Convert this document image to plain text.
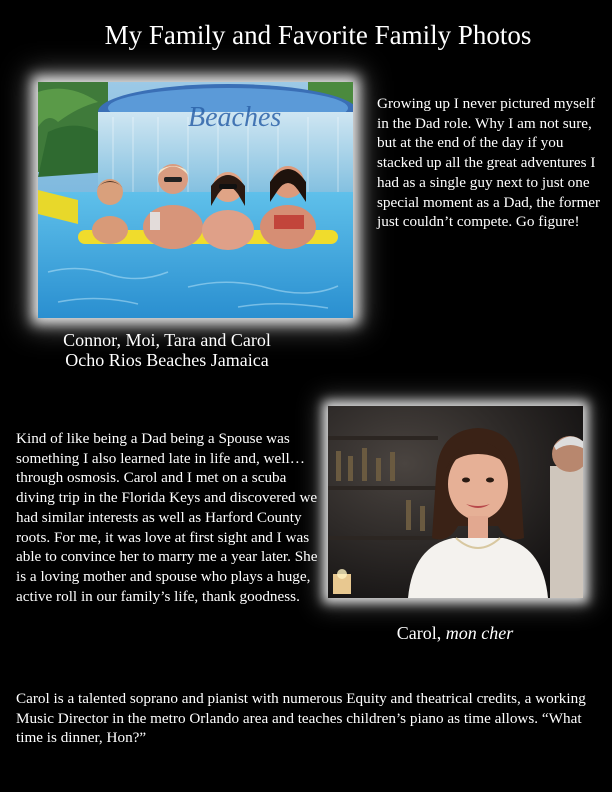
My Family and Favorite Family Photos
Beaches
Connor, Moi, Tara and Carol
Ocho Rios Beaches Jamaica

Growing up I never pictured myself in the Dad role. Why I am not sure, but at the end of the day if you stacked up all the great adventures I had as a single guy next to just one special moment as a Dad, the former just couldn’t compete. Go figure!

Kind of like being a Dad being a Spouse was something I also learned late in life and, well…through osmosis. Carol and I met on a scuba diving trip in the Florida Keys and discovered we had similar interests as well as Harford County roots. For me, it was love at first sight and I was able to convince her to marry me a year later. She is a loving mother and spouse who plays a huge, active roll in our family’s life, thank goodness.

Carol, mon cher

Carol is a talented soprano and pianist with numerous Equity and theatrical credits, a working Music Director in the metro Orlando area and teaches children’s piano as time allows. “What time is dinner, Hon?”
